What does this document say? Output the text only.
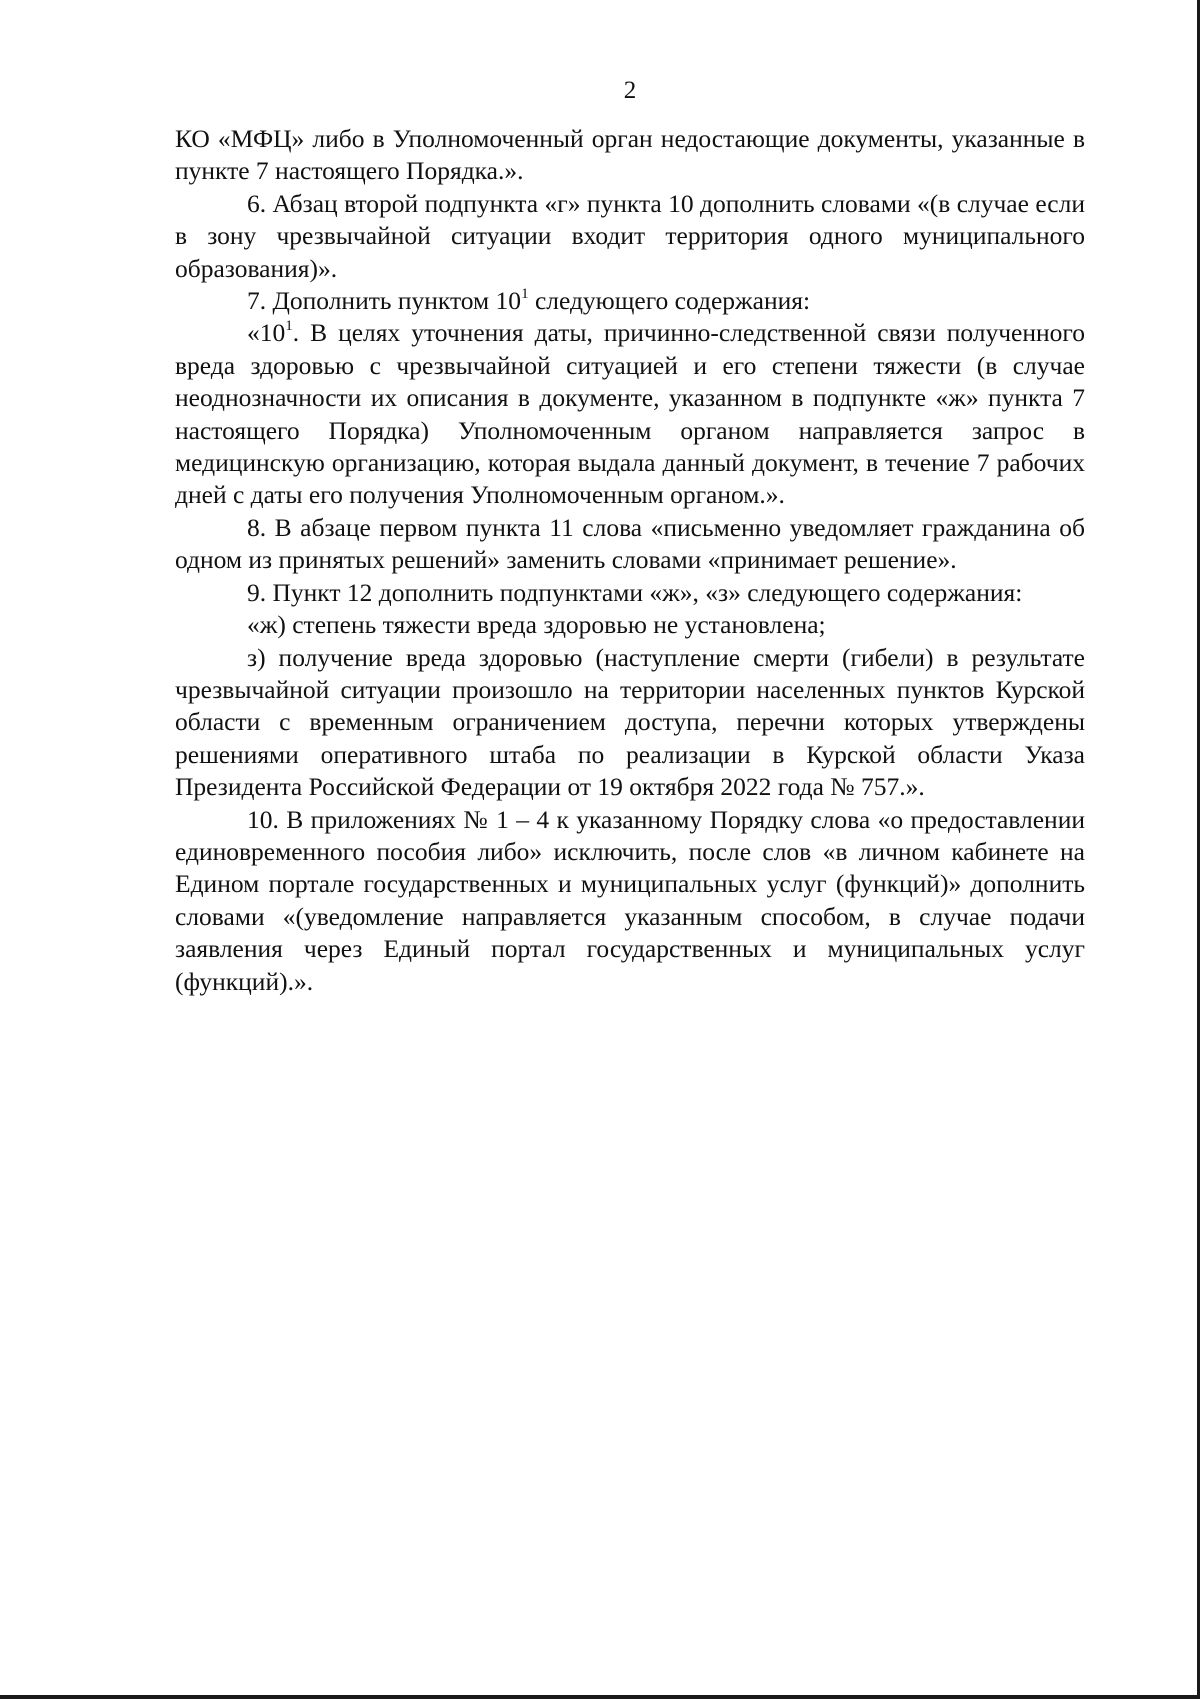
2

КО «МФЦ» либо в Уполномоченный орган недостающие документы, указанные в пункте 7 настоящего Порядка.».

6. Абзац второй подпункта «г» пункта 10 дополнить словами «(в случае если в зону чрезвычайной ситуации входит территория одного муниципального образования)».

7. Дополнить пунктом $10^1$ следующего содержания:

«$10^1$. В целях уточнения даты, причинно-следственной связи полученного вреда здоровью с чрезвычайной ситуацией и его степени тяжести (в случае неоднозначности их описания в документе, указанном в подпункте «ж» пункта 7 настоящего Порядка) Уполномоченным органом направляется запрос в медицинскую организацию, которая выдала данный документ, в течение 7 рабочих дней с даты его получения Уполномоченным органом.».

8. В абзаце первом пункта 11 слова «письменно уведомляет гражданина об одном из принятых решений» заменить словами «принимает решение».

9. Пункт 12 дополнить подпунктами «ж», «з» следующего содержания:

«ж) степень тяжести вреда здоровью не установлена;

з) получение вреда здоровью (наступление смерти (гибели) в результате чрезвычайной ситуации произошло на территории населенных пунктов Курской области с временным ограничением доступа, перечни которых утверждены решениями оперативного штаба по реализации в Курской области Указа Президента Российской Федерации от 19 октября 2022 года № 757.».

10. В приложениях № 1 – 4 к указанному Порядку слова «о предоставлении единовременного пособия либо» исключить, после слов «в личном кабинете на Едином портале государственных и муниципальных услуг (функций)» дополнить словами «(уведомление направляется указанным способом, в случае подачи заявления через Единый портал государственных и муниципальных услуг (функций).».
